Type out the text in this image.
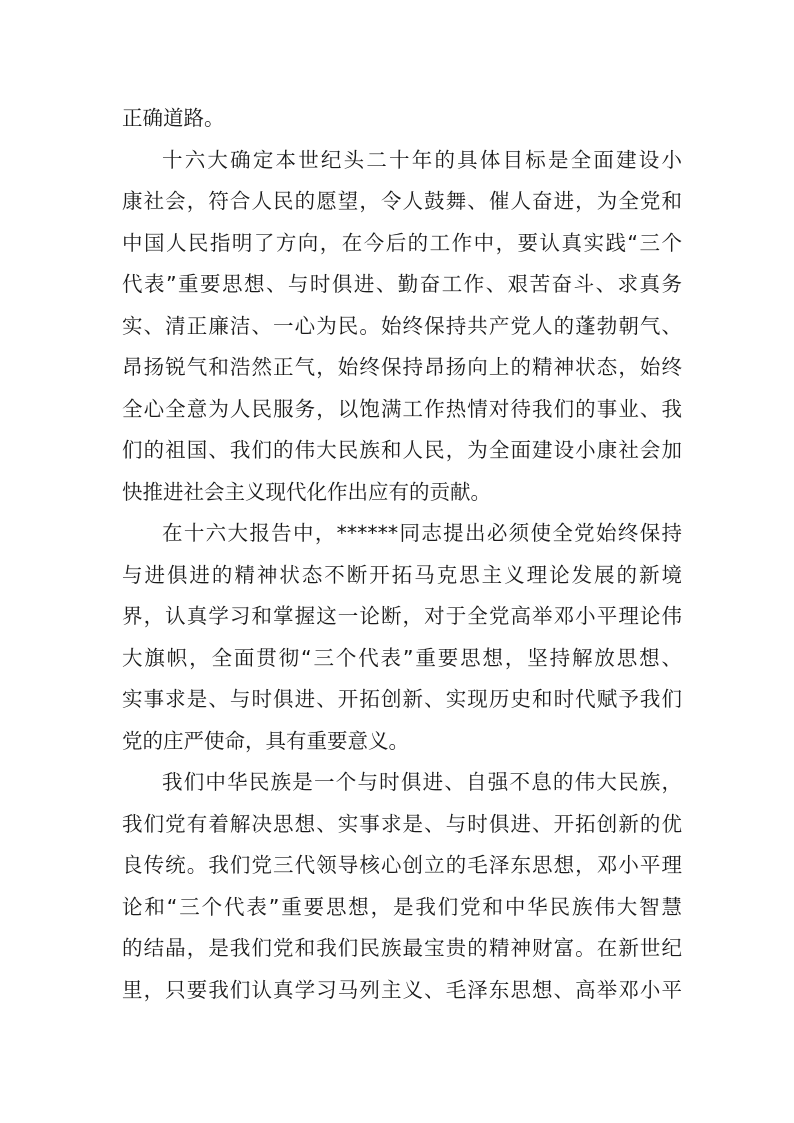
正确道路。
十六大确定本世纪头二十年的具体目标是全面建设小
康社会，符合人民的愿望，令人鼓舞、催人奋进，为全党和
中国人民指明了方向，在今后的工作中，要认真实践“三个
代表”重要思想、与时俱进、勤奋工作、艰苦奋斗、求真务
实、清正廉洁、一心为民。始终保持共产党人的蓬勃朝气、
昂扬锐气和浩然正气，始终保持昂扬向上的精神状态，始终
全心全意为人民服务，以饱满工作热情对待我们的事业、我
们的祖国、我们的伟大民族和人民，为全面建设小康社会加
快推进社会主义现代化作出应有的贡献。
在十六大报告中，******同志提出必须使全党始终保持
与进俱进的精神状态不断开拓马克思主义理论发展的新境
界，认真学习和掌握这一论断，对于全党高举邓小平理论伟
大旗帜，全面贯彻“三个代表”重要思想，坚持解放思想、
实事求是、与时俱进、开拓创新、实现历史和时代赋予我们
党的庄严使命，具有重要意义。
我们中华民族是一个与时俱进、自强不息的伟大民族，
我们党有着解决思想、实事求是、与时俱进、开拓创新的优
良传统。我们党三代领导核心创立的毛泽东思想，邓小平理
论和“三个代表”重要思想，是我们党和中华民族伟大智慧
的结晶，是我们党和我们民族最宝贵的精神财富。在新世纪
里，只要我们认真学习马列主义、毛泽东思想、高举邓小平
